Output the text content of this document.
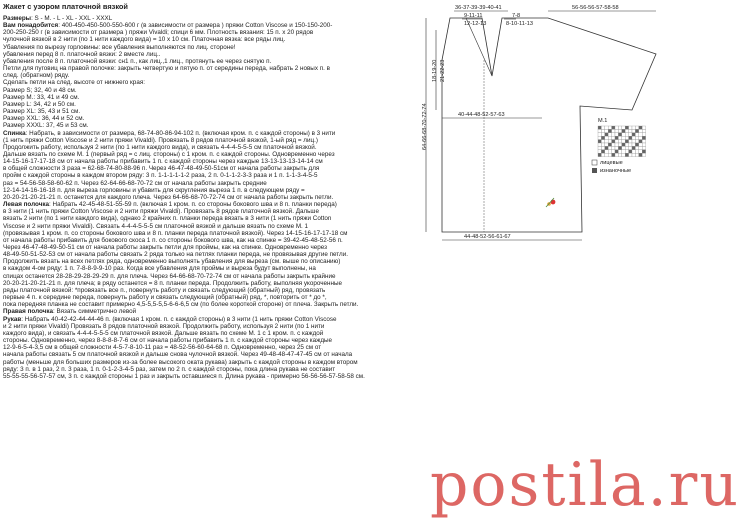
Жакет с узором платочной вязкой

Размеры: S - M. - L - XL - XXL - XXXL

Вам понадобится: 400-450-450-500-550-600 г (в зависимости от размера ) пряжи Cotton Viscose и 150-150-200-

200-250-250 г (в зависимости от размера ) пряжи Vivaldi; спици 6 мм. Плотность вязания: 15 п. х 20 рядов

чулочной вязкой в 2 нити (по 1 нити каждого вида) = 10 х 10 см. Платочная вязка: все ряды лиц.

Убавления по вырезу горловины: все убавления выполняются по лиц. стороне!

убавления перед 8 п. платочной вязки: 2 вместе лиц..

убавления после 8 п. платочной вязки: сн1 п., как лиц.,1 лиц., протянуть ее через снятую п.

Петли для пуговиц на правой полочке: закрыть четвертую и пятую п. от середины переда, набрать 2 новых п. в

след. (обратном) ряду.

Сделать петли на след. высоте от нижнего края:

Размер S; 32, 40 и 48 см.

Размер M.: 33, 41 и 49 см.

Размер L: 34, 42 и 50 см.

Размер XL: 35, 43 и 51 см.

Размер XXL: 36, 44 и 52 см.

Размер XXXL: 37, 45 и 53 см.

Спинка: Набрать, в зависимости от размера, 68-74-80-86-94-102 п. (включая кром. п. с каждой стороны) в 3 нити

(1 нить пряжи Cotton Viscose и 2 нити пряжи Vivaldi). Провязать 8 рядов платочной вязкой, 1-ый ряд = лиц.)

Продолжить работу, используя 2 нити (по 1 нити каждого вида), и связать 4-4-4-5-5-5 см платочной вязкой.

Дальше вязать по схеме М. 1 (первый ряд = с лиц. стороны) с 1 кром. п. с каждой стороны. Одновременно через

14-15-16-17-17-18 см от начала работы прибавить 1 п. с каждой стороны через каждые 13-13-13-13-14-14 см

в общей сложности 3 раза = 62-68-74-80-88-96 п. Через 46-47-48-49-50-51см от начала работы закрыть для

пройм с каждой стороны в каждом втором ряду: 3 п. 1-1-1-1-1-2 раза, 2 п. 0-1-1-2-3-3 раза и 1 п. 1-1-3-4-5-5

раз = 54-56-58-58-60-62 п. Через 62-64-66-68-70-72 см от начала работы закрыть средние

12-14-14-16-16-18 п. для выреза горловины и убавить для скругления выреза 1 п. в следующем ряду =

20-20-21-20-21-21 п. останется для каждого плеча. Через 64-66-68-70-72-74 см от начала работы закрыть петли.

Левая полочка: Набрать 42-45-48-51-55-59 п. (включая 1 кром. п. со стороны бокового шва и 8 п. планки переда)

в 3 нити (1 нить пряжи Cotton Viscose и 2 нити пряжи Vivaldi). Провязать 8 рядов платочной вязкой. Дальше

вязать 2 нити (по 1 нити каждого вида), однако 2 крайних п. планки переда вязать в 3 нити (1 нить пряжи Cotton

Viscose и 2 нити пряжи Vivaldi). Связать 4-4-4-5-5-5 см платочной вязкой и дальше вязать по схеме М. 1

(провязывая 1 кром. п. со стороны бокового шва и 8 п. планки переда платочной вязкой). Через 14-15-16-17-17-18 см

от начала работы прибавить для бокового скоса 1 п. со стороны бокового шва, как на спинке = 39-42-45-48-52-56 п.

Через 46-47-48-49-50-51 см от начала работы закрыть петли для проймы, как на спинке. Одновременно через

48-49-50-51-52-53 см от начала работы связать 2 ряда только на петлях планки переда, не провязывая другие петли.

Продолжить вязать на всех петлях ряда, одновременно выполнять убавления для выреза (см. выше по описанию)

в каждом 4-ом ряду: 1 п. 7-8-8-9-9-10 раз. Когда все убавления для проймы и выреза будут выполнены, на

спицах останется 28-28-29-28-29-29 п. для плеча. Через 64-66-68-70-72-74 см от начала работы закрыть крайние

20-20-21-20-21-21 п. для плеча; в ряду останется = 8 п. планки переда. Продолжить работу, выполняя укороченные

ряды платочной вязкой: *провязать все п., повернуть работу и связать следующий (обратный) ряд, провязать

первые 4 п. к середине переда, повернуть работу и связать следующий (обратный) ряд, *, повторить от * до *,

пока передняя планка не составит примерно 4,5-5,5-5,5-6-6-6,5 см (по более короткой стороне) от плеча. Закрыть петли.

Правая полочка: Вязать симметрично левой

Рукав: Набрать 40-42-42-44-44-46 п. (включая 1 кром. п. с каждой стороны) в 3 нити (1 нить пряжи Cotton Viscose

и 2 нити пряжи Vivaldi) Провязать 8 рядов платочной вязкой. Продолжить работу, используя 2 нити (по 1 нити

каждого вида), и связать 4-4-4-5-5-5 см платочной вязкой. Дальше вязать по схеме М. 1 с 1 кром. п. с каждой

стороны. Одновременно, через 8-8-8-8-7-6 см от начала работы прибавить 1 п. с каждой стороны через каждые

12-9-6-5-4-3,5 см в общей сложности 4-5-7-8-10-11 раз = 48-52-56-60-64-68 п. Одновременно, через 25 см от

начала работы связать 5 см платочной вязкой и дальше снова чулочной вязкой. Через 49-48-48-47-47-45 см от начала

работы (меньше для больших размеров из-за более высокого оката рукава) закрыть с каждой стороны в каждом втором

ряду: 3 п. в 1 раз, 2 п. 3 раза, 1 п. 0-1-2-3-4-5 раз, затем по 2 п. с каждой стороны, пока длина рукава не составит

55-55-55-56-57-57 см, 3 п. с каждой стороны 1 раз и закрыть оставшиеся п. Длина рукава - примерно 56-56-56-57-58-58 см.

36-37-39-39-40-41
9-11-11
12-12-13
7-8
8-10-11-13
56-56-56-57-58-58
64-66-68-70-72-74
18-19-20 21-22-23
40-44-48-52-57-63
44-48-52-56-61-67
М.1
лицевые
изнаночные
postila.ru
